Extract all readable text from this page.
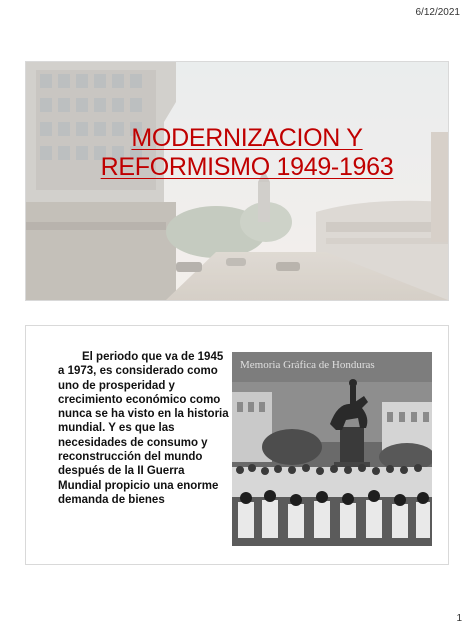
6/12/2021
MODERNIZACION Y
REFORMISMO 1949-1963
El periodo que va de 1945 a 1973, es considerado como uno de prosperidad y crecimiento económico como nunca se ha visto en la historia mundial. Y es que las necesidades de consumo y reconstrucción del mundo después de la II Guerra Mundial propicio una enorme demanda de bienes
Memoria Gráfica de Honduras
1
